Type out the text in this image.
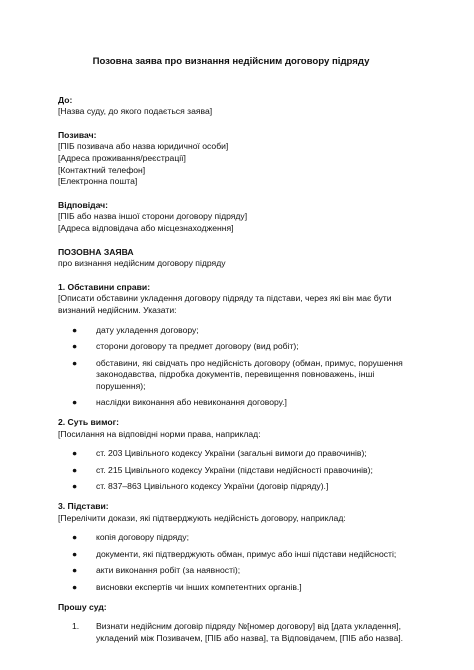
Позовна заява про визнання недійсним договору підряду
До:
[Назва суду, до якого подається заява]
Позивач:
[ПІБ позивача або назва юридичної особи]
[Адреса проживання/реєстрації]
[Контактний телефон]
[Електронна пошта]
Відповідач:
[ПІБ або назва іншої сторони договору підряду]
[Адреса відповідача або місцезнаходження]
ПОЗОВНА ЗАЯВА
про визнання недійсним договору підряду
1. Обставини справи:
[Описати обставини укладення договору підряду та підстави, через які він має бути визнаний недійсним. Указати:
● дату укладення договору;
● сторони договору та предмет договору (вид робіт);
● обставини, які свідчать про недійсність договору (обман, примус, порушення законодавства, підробка документів, перевищення повноважень, інші порушення);
● наслідки виконання або невиконання договору.]
2. Суть вимог:
[Посилання на відповідні норми права, наприклад:
● ст. 203 Цивільного кодексу України (загальні вимоги до правочинів);
● ст. 215 Цивільного кодексу України (підстави недійсності правочинів);
● ст. 837–863 Цивільного кодексу України (договір підряду).]
3. Підстави:
[Перелічити докази, які підтверджують недійсність договору, наприклад:
● копія договору підряду;
● документи, які підтверджують обман, примус або інші підстави недійсності;
● акти виконання робіт (за наявності);
● висновки експертів чи інших компетентних органів.]
Прошу суд:
1. Визнати недійсним договір підряду №[номер договору] від [дата укладення], укладений між Позивачем, [ПІБ або назва], та Відповідачем, [ПІБ або назва].
